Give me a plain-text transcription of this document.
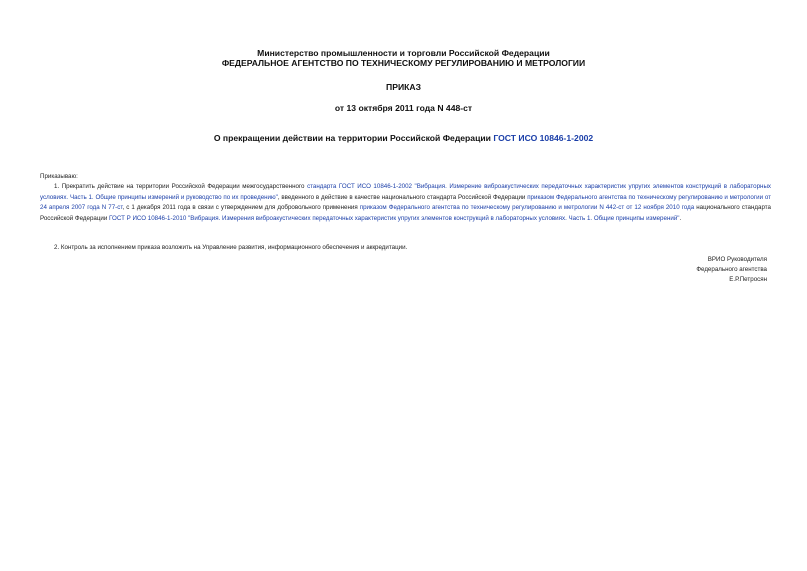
Министерство промышленности и торговли Российской Федерации
ФЕДЕРАЛЬНОЕ АГЕНТСТВО ПО ТЕХНИЧЕСКОМУ РЕГУЛИРОВАНИЮ И МЕТРОЛОГИИ
ПРИКАЗ
от 13 октября 2011 года N 448-ст
О прекращении действии на территории Российской Федерации ГОСТ ИСО 10846-1-2002
Приказываю:
1. Прекратить действие на территории Российской Федерации межгосударственного стандарта ГОСТ ИСО 10846-1-2002 "Вибрация. Измерение виброакустических передаточных характеристик упругих элементов конструкций в лабораторных условиях. Часть 1. Общие принципы измерений и руководство по их проведению", введенного в действие в качестве национального стандарта Российской Федерации приказом Федерального агентства по техническому регулированию и метрологии от 24 апреля 2007 года N 77-ст, с 1 декабря 2011 года в связи с утверждением для добровольного применения приказом Федерального агентства по техническому регулированию и метрологии N 442-ст от 12 ноября 2010 года национального стандарта Российской Федерации ГОСТ Р ИСО 10846-1-2010 "Вибрация. Измерения виброакустических передаточных характеристик упругих элементов конструкций в лабораторных условиях. Часть 1. Общие принципы измерений".
2. Контроль за исполнением приказа возложить на Управление развития, информационного обеспечения и аккредитации.
ВРИО Руководителя
Федерального агентства
Е.Р.Петросян
